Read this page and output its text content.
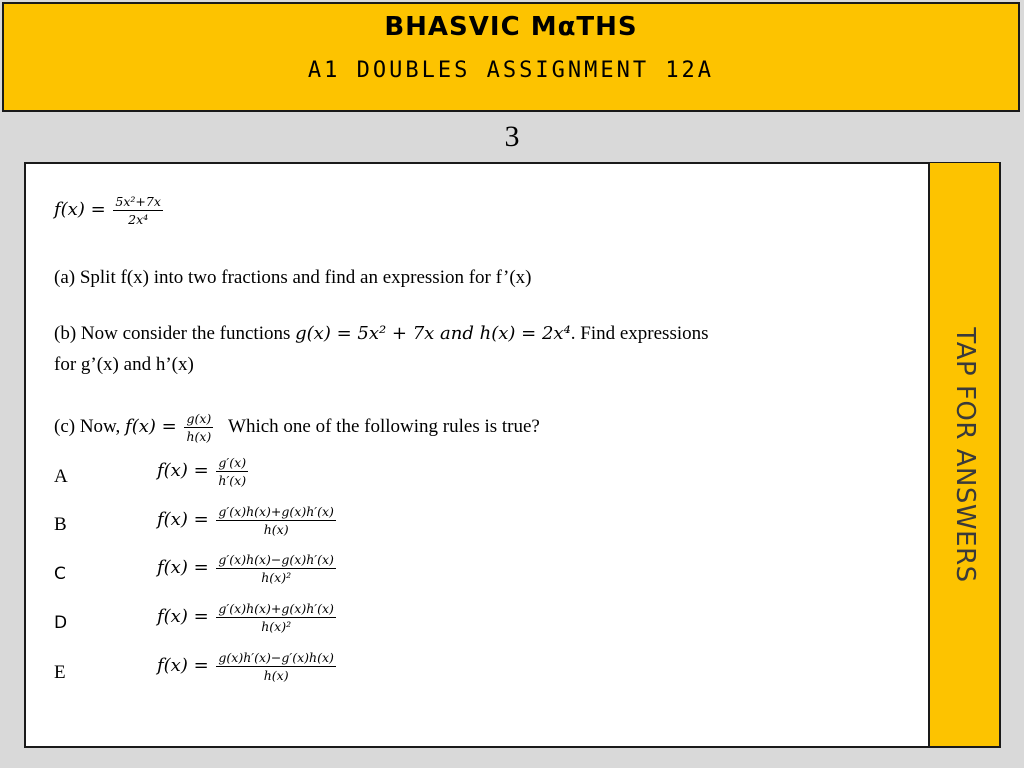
BHASVIC MαTHS
A1 DOUBLES ASSIGNMENT 12A
3
𝑓(𝑥) = $\frac{\text{5𝑥²+7𝑥}}{\text{2𝑥⁴}}$
(a) Split f(x) into two fractions and find an expression for f’(x)
(b) Now consider the functions 𝑔(𝑥) = 5𝑥² + 7𝑥 𝑎𝑛𝑑 ℎ(𝑥) = 2𝑥⁴. Find expressions
for g’(x) and h’(x)
(c) Now, 𝑓(𝑥) = $\frac{\text{𝑔(𝑥)}}{\text{ℎ(𝑥)}}$ Which one of the following rules is true?
A	𝑓(𝑥) = $\frac{\text{𝑔′(𝑥)}}{\text{ℎ′(𝑥)}}$
B	𝑓(𝑥) = $\frac{\text{𝑔′(𝑥)ℎ(𝑥)+𝑔(𝑥)ℎ′(𝑥)}}{\text{ℎ(𝑥)}}$
C	𝑓(𝑥) = $\frac{\text{𝑔′(𝑥)ℎ(𝑥)−𝑔(𝑥)ℎ′(𝑥)}}{\text{ℎ(𝑥)²}}$
D	𝑓(𝑥) = $\frac{\text{𝑔′(𝑥)ℎ(𝑥)+𝑔(𝑥)ℎ′(𝑥)}}{\text{ℎ(𝑥)²}}$
E	𝑓(𝑥) = $\frac{\text{𝑔(𝑥)ℎ′(𝑥)−𝑔′(𝑥)ℎ(𝑥)}}{\text{ℎ(𝑥)}}$
TAP FOR ANSWERS
